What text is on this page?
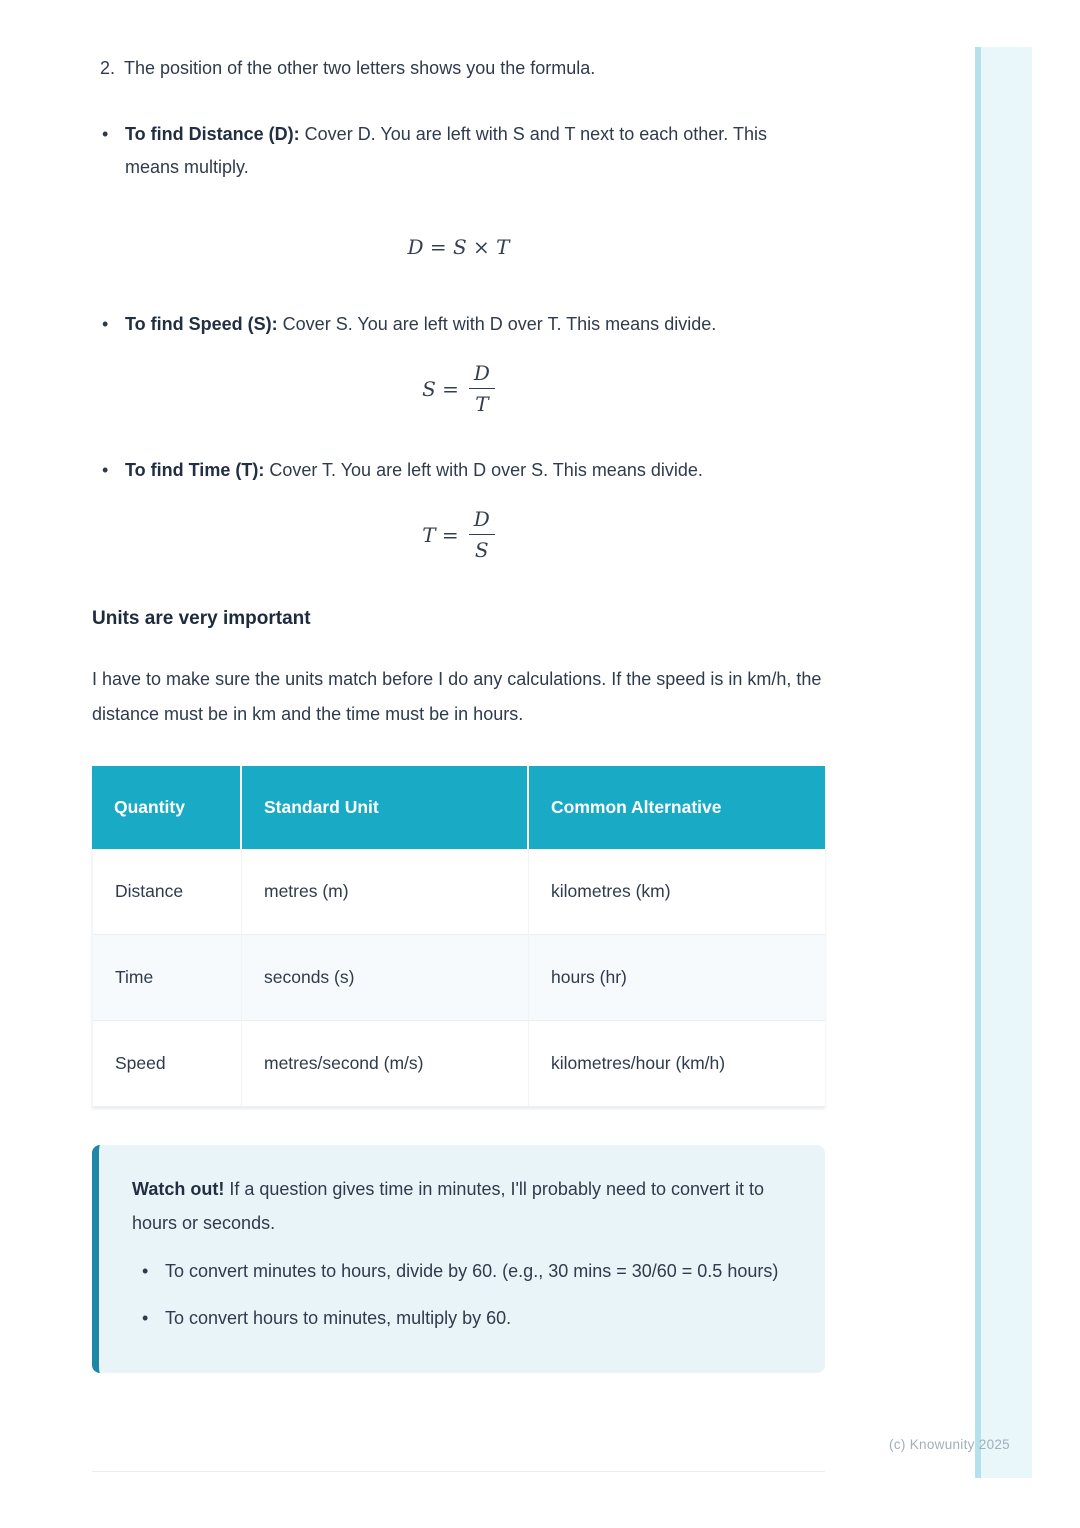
2. The position of the other two letters shows you the formula.
•

To find Distance (D): Cover D. You are left with S and T next to each other. This means multiply.

D = S × T
•

To find Speed (S): Cover S. You are left with D over T. This means divide.

$S = \frac{D}{T}$
•

To find Time (T): Cover T. You are left with D over S. This means divide.

$T = \frac{D}{S}$
Units are very important

I have to make sure the units match before I do any calculations. If the speed is in km/h, the distance must be in km and the time must be in hours.

Quantity	Standard Unit	Common Alternative
Distance	metres (m)	kilometres (km)
Time	seconds (s)	hours (hr)
Speed	metres/second (m/s)	kilometres/hour (km/h)

Watch out! If a question gives time in minutes, I'll probably need to convert it to hours or seconds.

•

To convert minutes to hours, divide by 60. (e.g., 30 mins = 30/60 = 0.5 hours)

•

To convert hours to minutes, multiply by 60.

(c) Knowunity 2025
